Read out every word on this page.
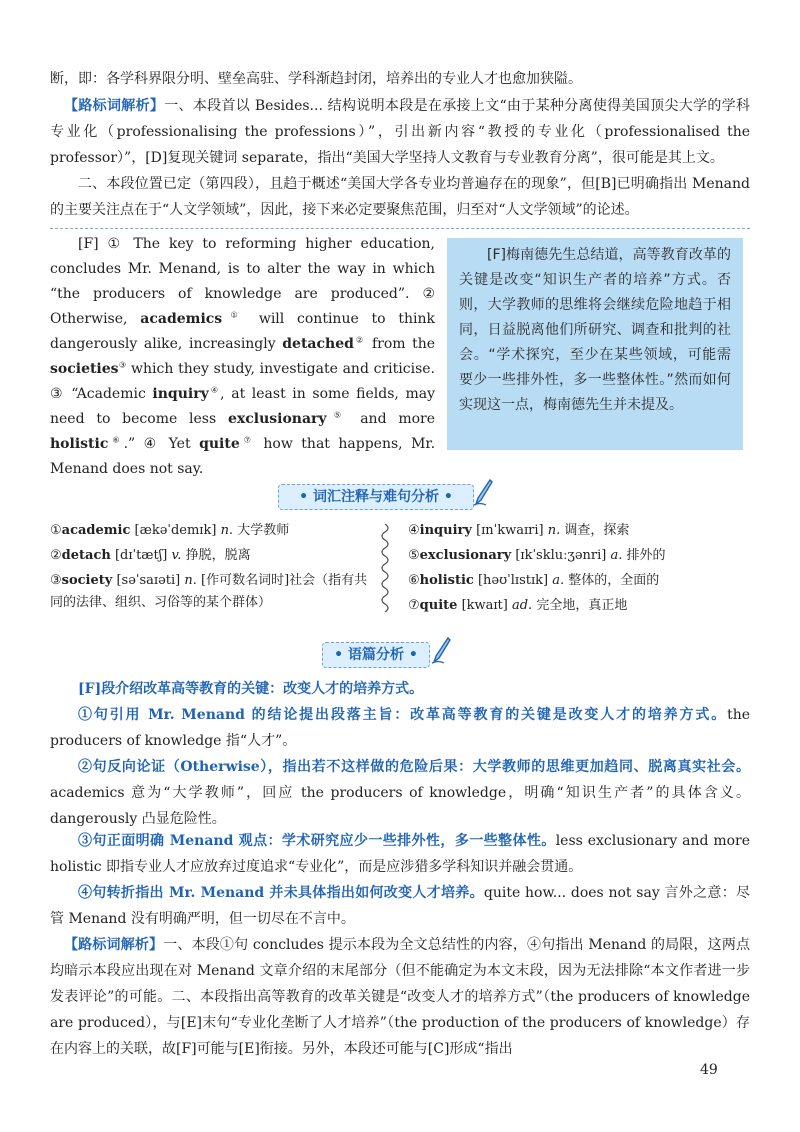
断，即：各学科界限分明、壁垒高驻、学科渐趋封闭，培养出的专业人才也愈加狭隘。

【路标词解析】一、本段首以 Besides... 结构说明本段是在承接上文“由于某种分离使得美国顶尖大学的学科专业化（professionalising the professions）”，引出新内容“教授的专业化（professionalised the professor）”，[D]复现关键词 separate，指出“美国大学坚持人文教育与专业教育分离”，很可能是其上文。

二、本段位置已定（第四段），且趋于概述“美国大学各专业均普遍存在的现象”，但[B]已明确指出 Menand 的主要关注点在于“人文学领域”，因此，接下来必定要聚焦范围，归至对“人文学领域”的论述。

[F] ① The key to reforming higher education, concludes Mr. Menand, is to alter the way in which “the producers of knowledge are produced”. ② Otherwise, academics① will continue to think dangerously alike, increasingly detached② from the societies③ which they study, investigate and criticise. ③ “Academic inquiry④, at least in some fields, may need to become less exclusionary⑤ and more holistic⑥.” ④ Yet quite⑦ how that happens, Mr. Menand does not say.
[F]梅南德先生总结道，高等教育改革的关键是改变“知识生产者的培养”方式。否则，大学教师的思维将会继续危险地趋于相同，日益脱离他们所研究、调查和批判的社会。“学术探究，至少在某些领域，可能需要少一些排外性，多一些整体性。”然而如何实现这一点，梅南德先生并未提及。
• 词汇注释与难句分析 •
①academic [ækəˈdemɪk] n. 大学教师
②detach [dɪˈtætʃ] v. 挣脱，脱离
③society [səˈsaɪəti] n. [作可数名词时]社会（指有共同的法律、组织、习俗等的某个群体）
④inquiry [ɪnˈkwaɪri] n. 调查，探索
⑤exclusionary [ɪkˈskluːʒənri] a. 排外的
⑥holistic [həʊˈlɪstɪk] a. 整体的，全面的
⑦quite [kwaɪt] ad. 完全地，真正地
• 语篇分析 •

[F]段介绍改革高等教育的关键：改变人才的培养方式。

①句引用 Mr. Menand 的结论提出段落主旨：改革高等教育的关键是改变人才的培养方式。the producers of knowledge 指“人才”。

②句反向论证（Otherwise），指出若不这样做的危险后果：大学教师的思维更加趋同、脱离真实社会。academics 意为“大学教师”，回应 the producers of knowledge，明确“知识生产者”的具体含义。dangerously 凸显危险性。

③句正面明确 Menand 观点：学术研究应少一些排外性，多一些整体性。less exclusionary and more holistic 即指专业人才应放弃过度追求“专业化”，而是应涉猎多学科知识并融会贯通。

④句转折指出 Mr. Menand 并未具体指出如何改变人才培养。quite how... does not say 言外之意：尽管 Menand 没有明确严明，但一切尽在不言中。

【路标词解析】一、本段①句 concludes 提示本段为全文总结性的内容，④句指出 Menand 的局限，这两点均暗示本段应出现在对 Menand 文章介绍的末尾部分（但不能确定为本文末段，因为无法排除“本文作者进一步发表评论”的可能。二、本段指出高等教育的改革关键是“改变人才的培养方式”（the producers of knowledge are produced），与[E]末句“专业化垄断了人才培养”（the production of the producers of knowledge）存在内容上的关联，故[F]可能与[E]衔接。另外，本段还可能与[C]形成“指出

49
